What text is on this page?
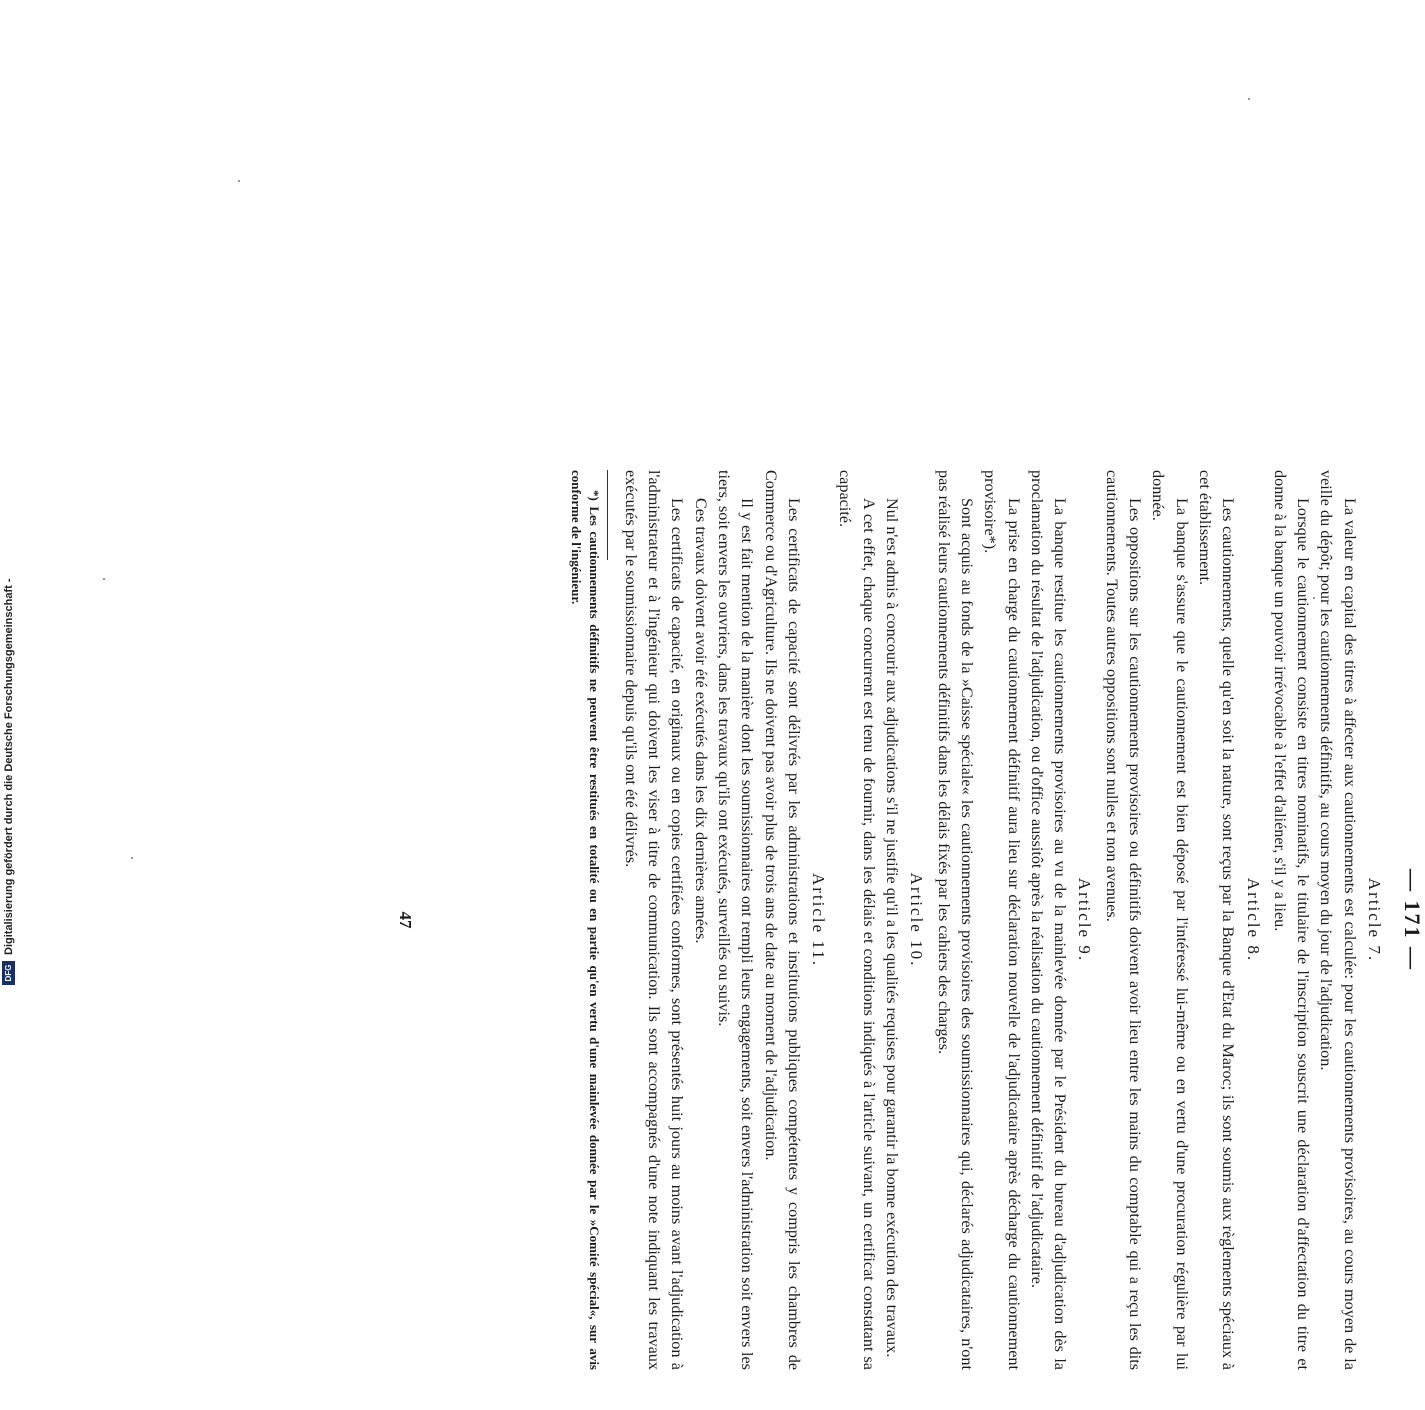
DFG
Digitalisierung gefördert durch die Deutsche Forschungsgemeinschaft -	— 171 —
Article 7.

La valeur en capital des titres à affecter aux cautionnements est calculée: pour les cautionnements provisoires, au cours moyen de la veille du dépôt; pour les cautionnements définitifs, au cours moyen du jour de l'adjudication.

Lorsque le cautionnement consiste en titres nominatifs, le titulaire de l'inscription souscrit une déclaration d'affectation du titre et donne à la banque un pouvoir irrévocable à l'effet d'aliéner, s'il y a lieu.

Article 8.

Les cautionnements, quelle qu'en soit la nature, sont reçus par la Banque d'Etat du Maroc; ils sont soumis aux règlements spéciaux à cet établissement.

La banque s'assure que le cautionnement est bien déposé par l'intéressé lui-même ou en vertu d'une procuration régulière par lui donnée.

Les oppositions sur les cautionnements provisoires ou définitifs doivent avoir lieu entre les mains du comptable qui a reçu les dits cautionnements. Toutes autres oppositions sont nulles et non avenues.

Article 9.

La banque restitue les cautionnements provisoires au vu de la mainlevée donnée par le Président du bureau d'adjudication dès la proclamation du résultat de l'adjudication, ou d'office aussitôt après la réalisation du cautionnement définitif de l'adjudicataire.

La prise en charge du cautionnement définitif aura lieu sur déclaration nouvelle de l'adjudicataire après décharge du cautionnement provisoire*).

Sont acquis au fonds de la »Caisse spéciale« les cautionnements provisoires des soumissionnaires qui, déclarés adjudicataires, n'ont pas réalisé leurs cautionnements définitifs dans les délais fixés par les cahiers des charges.

Article 10.

Nul n'est admis à concourir aux adjudications s'il ne justifie qu'il a les qualités requises pour garantir la bonne exécution des travaux.

A cet effet, chaque concurrent est tenu de fournir, dans les délais et conditions indiqués à l'article suivant, un certificat constatant sa capacité.

Article 11.

Les certificats de capacité sont délivrés par les administrations et institutions publiques compétentes y compris les chambres de Commerce ou d'Agriculture. Ils ne doivent pas avoir plus de trois ans de date au moment de l'adjudication.

Il y est fait mention de la manière dont les soumissionnaires ont rempli leurs engagements, soit envers l'administration soit envers les tiers, soit envers les ouvriers, dans les travaux qu'ils ont exécutés, surveillés ou suivis.

Ces travaux doivent avoir été exécutés dans les dix dernières années.

Les certificats de capacité, en originaux ou en copies certifiées conformes, sont présentés huit jours au moins avant l'adjudication à l'administrateur et à l'ingénieur qui doivent les viser à titre de communication. Ils sont accompagnés d'une note indiquant les travaux exécutés par le soumissionnaire depuis qu'ils ont été délivrés.

*) Les cautionnements définitifs ne peuvent être restitués en totalité ou en partie qu'en vertu d'une mainlevée donnée par le »Comité spécial«, sur avis conforme de l'ingénieur.

47
